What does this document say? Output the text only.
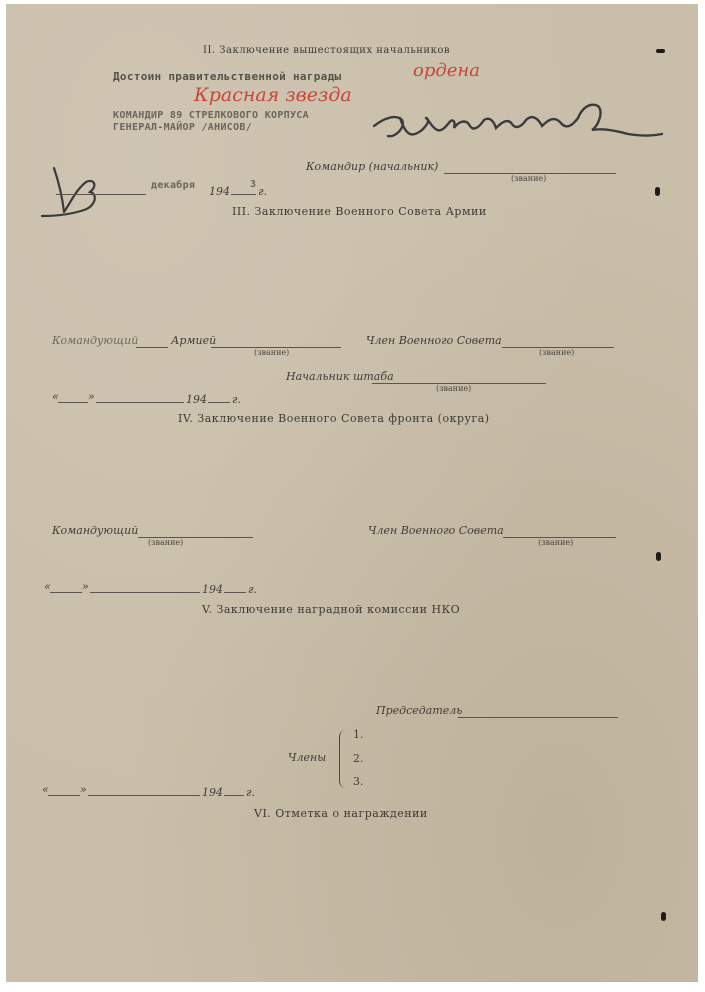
II. Заключение вышестоящих начальников
Достоин правительственной награды	ордена
Красная звезда
КОМАНДИР 89 СТРЕЛКОВОГО КОРПУСА
ГЕНЕРАЛ-МАЙОР /АНИСОВ/
Командир (начальник)
(звание)
декабря 194
3
г.
III. Заключение Военного Совета Армии
Командующий	Армией
(звание)
Член Военного Совета
(звание)
Начальник штаба
(звание)
«	»	194 г.
IV. Заключение Военного Совета фронта (округа)
Командующий
(звание)
Член Военного Совета
(звание)
«	»	194 г.
V. Заключение наградной комиссии НКО
Председатель
Члены
1.
2.
3.
«	»	194 г.
VI. Отметка о награждении
